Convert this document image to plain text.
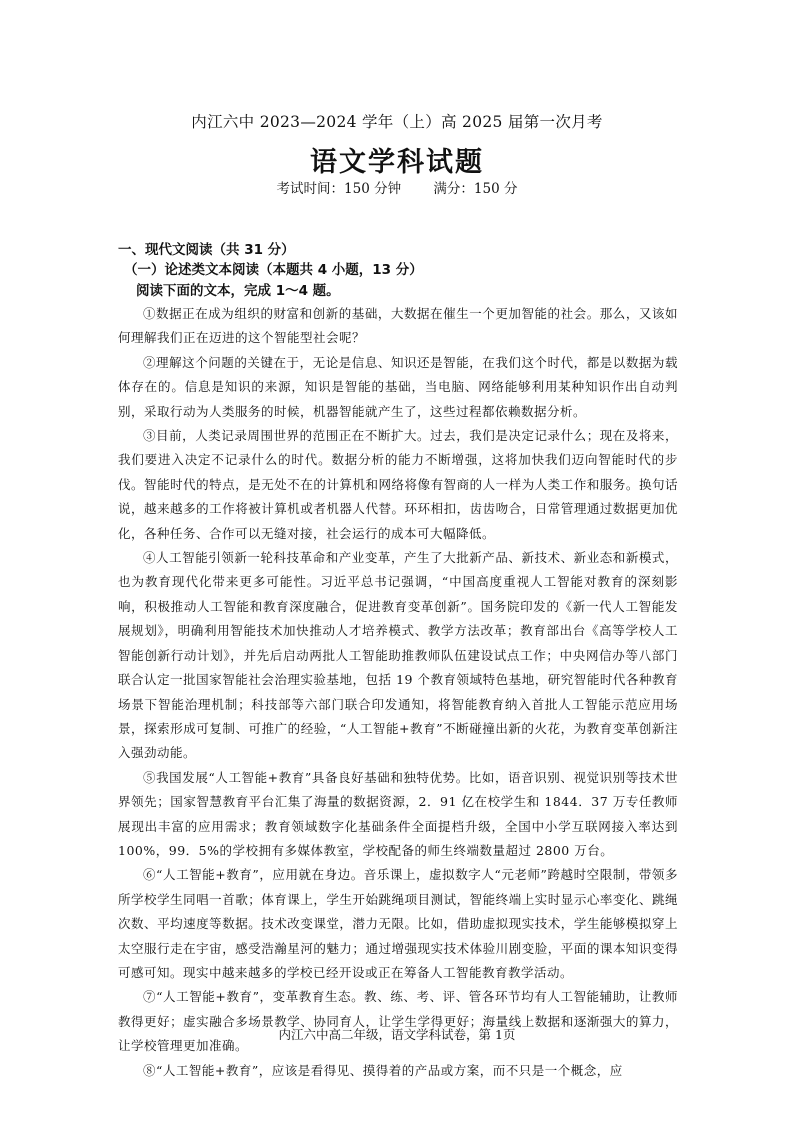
内江六中 2023—2024 学年（上）高 2025 届第一次月考
语文学科试题
考试时间：150 分钟 满分：150 分
一、现代文阅读（共 31 分）
（一）论述类文本阅读（本题共 4 小题，13 分）
阅读下面的文本，完成 1～4 题。

①数据正在成为组织的财富和创新的基础，大数据在催生一个更加智能的社会。那么，又该如何理解我们正在迈进的这个智能型社会呢？

②理解这个问题的关键在于，无论是信息、知识还是智能，在我们这个时代，都是以数据为载体存在的。信息是知识的来源，知识是智能的基础，当电脑、网络能够利用某种知识作出自动判别，采取行动为人类服务的时候，机器智能就产生了，这些过程都依赖数据分析。

③目前，人类记录周围世界的范围正在不断扩大。过去，我们是决定记录什么；现在及将来，我们要进入决定不记录什么的时代。数据分析的能力不断增强，这将加快我们迈向智能时代的步伐。智能时代的特点，是无处不在的计算机和网络将像有智商的人一样为人类工作和服务。换句话说，越来越多的工作将被计算机或者机器人代替。环环相扣，齿齿吻合，日常管理通过数据更加优化，各种任务、合作可以无缝对接，社会运行的成本可大幅降低。

④人工智能引领新一轮科技革命和产业变革，产生了大批新产品、新技术、新业态和新模式，也为教育现代化带来更多可能性。习近平总书记强调，“中国高度重视人工智能对教育的深刻影响，积极推动人工智能和教育深度融合，促进教育变革创新”。国务院印发的《新一代人工智能发展规划》，明确利用智能技术加快推动人才培养模式、教学方法改革；教育部出台《高等学校人工智能创新行动计划》，并先后启动两批人工智能助推教师队伍建设试点工作；中央网信办等八部门联合认定一批国家智能社会治理实验基地，包括 19 个教育领域特色基地，研究智能时代各种教育场景下智能治理机制；科技部等六部门联合印发通知，将智能教育纳入首批人工智能示范应用场景，探索形成可复制、可推广的经验，“人工智能+教育”不断碰撞出新的火花，为教育变革创新注入强劲动能。

⑤我国发展“人工智能+教育”具备良好基础和独特优势。比如，语音识别、视觉识别等技术世界领先；国家智慧教育平台汇集了海量的数据资源，2．91 亿在校学生和 1844．37 万专任教师展现出丰富的应用需求；教育领域数字化基础条件全面提档升级，全国中小学互联网接入率达到 100%，99．5%的学校拥有多媒体教室，学校配备的师生终端数量超过 2800 万台。

⑥“人工智能+教育”，应用就在身边。音乐课上，虚拟数字人“元老师”跨越时空限制，带领多所学校学生同唱一首歌；体育课上，学生开始跳绳项目测试，智能终端上实时显示心率变化、跳绳次数、平均速度等数据。技术改变课堂，潜力无限。比如，借助虚拟现实技术，学生能够模拟穿上太空服行走在宇宙，感受浩瀚星河的魅力；通过增强现实技术体验川剧变脸，平面的课本知识变得可感可知。现实中越来越多的学校已经开设或正在筹备人工智能教育教学活动。

⑦“人工智能+教育”，变革教育生态。教、练、考、评、管各环节均有人工智能辅助，让教师教得更好；虚实融合多场景教学、协同育人，让学生学得更好；海量线上数据和逐渐强大的算力，让学校管理更加准确。

⑧“人工智能+教育”，应该是看得见、摸得着的产品或方案，而不只是一个概念，应

内江六中高二年级，语文学科试卷，第 1页
